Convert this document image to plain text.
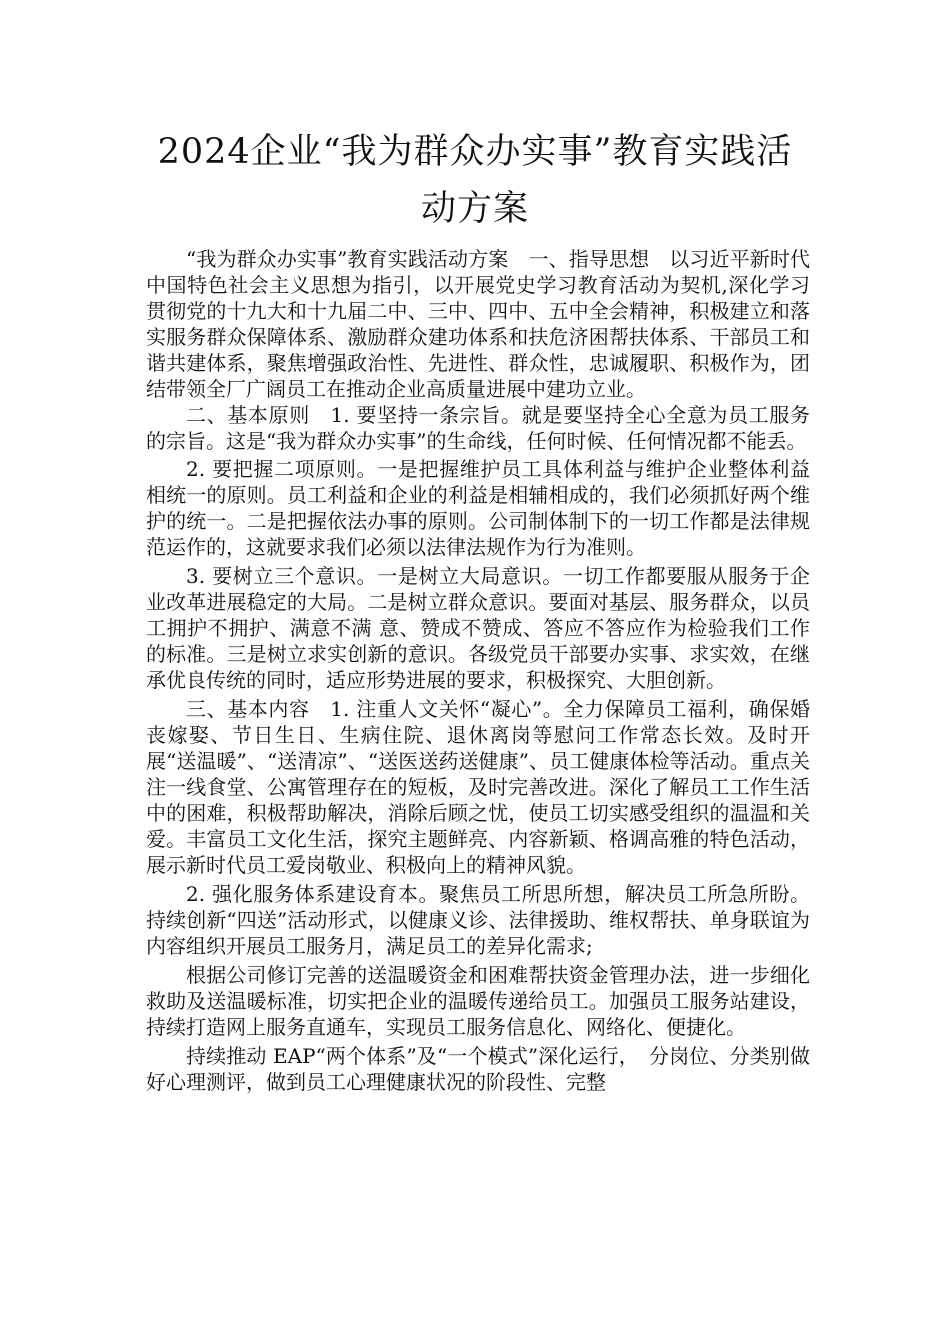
2024企业“我为群众办实事”教育实践活
动方案

“我为群众办实事”教育实践活动方案　一、指导思想　以习近平新时代中国特色社会主义思想为指引，以开展党史学习教育活动为契机,深化学习贯彻党的十九大和十九届二中、三中、四中、五中全会精神，积极建立和落实服务群众保障体系、激励群众建功体系和扶危济困帮扶体系、干部员工和谐共建体系，聚焦增强政治性、先进性、群众性，忠诚履职、积极作为，团结带领全厂广阔员工在推动企业高质量进展中建功立业。

二、基本原则　1. 要坚持一条宗旨。就是要坚持全心全意为员工服务的宗旨。这是“我为群众办实事”的生命线，任何时候、任何情况都不能丢。

2. 要把握二项原则。一是把握维护员工具体利益与维护企业整体利益相统一的原则。员工利益和企业的利益是相辅相成的，我们必须抓好两个维护的统一。二是把握依法办事的原则。公司制体制下的一切工作都是法律规范运作的，这就要求我们必须以法律法规作为行为准则。

3. 要树立三个意识。一是树立大局意识。一切工作都要服从服务于企业改革进展稳定的大局。二是树立群众意识。要面对基层、服务群众，以员工拥护不拥护、满意不满 意、赞成不赞成、答应不答应作为检验我们工作的标准。三是树立求实创新的意识。各级党员干部要办实事、求实效，在继承优良传统的同时，适应形势进展的要求，积极探究、大胆创新。

三、基本内容　1. 注重人文关怀“凝心”。全力保障员工福利，确保婚丧嫁娶、节日生日、生病住院、退休离岗等慰问工作常态长效。及时开展“送温暖”、“送清凉”、“送医送药送健康”、员工健康体检等活动。重点关注一线食堂、公寓管理存在的短板，及时完善改进。深化了解员工工作生活中的困难，积极帮助解决，消除后顾之忧，使员工切实感受组织的温温和关爱。丰富员工文化生活，探究主题鲜亮、内容新颖、格调高雅的特色活动，展示新时代员工爱岗敬业、积极向上的精神风貌。

2. 强化服务体系建设育本。聚焦员工所思所想，解决员工所急所盼。持续创新“四送”活动形式，以健康义诊、法律援助、维权帮扶、单身联谊为内容组织开展员工服务月，满足员工的差异化需求;

根据公司修订完善的送温暖资金和困难帮扶资金管理办法，进一步细化救助及送温暖标准，切实把企业的温暖传递给员工。加强员工服务站建设，持续打造网上服务直通车，实现员工服务信息化、网络化、便捷化。

持续推动 EAP“两个体系”及“一个模式”深化运行，　分岗位、分类别做好心理测评，做到员工心理健康状况的阶段性、完整
